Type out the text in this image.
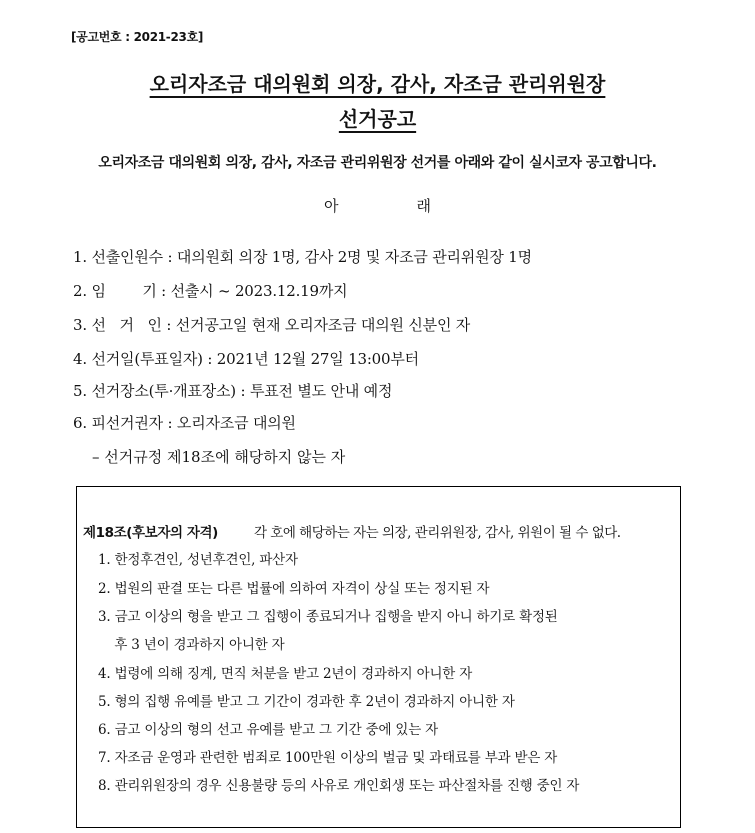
[공고번호 : 2021-23호]
오리자조금 대의원회 의장, 감사, 자조금 관리위원장
선거공고
오리자조금 대의원회 의장, 감사, 자조금 관리위원장 선거를 아래와 같이 실시코자 공고합니다.
아	래
1. 선출인원수 : 대의원회 의장 1명, 감사 2명 및 자조금 관리위원장 1명
2. 임        기 : 선출시 ~ 2023.12.19까지
3. 선   거   인 : 선거공고일 현재 오리자조금 대의원 신분인 자
4. 선거일(투표일자) : 2021년 12월 27일 13:00부터
5. 선거장소(투·개표장소) : 투표전 별도 안내 예정
6. 피선거권자 : 오리자조금 대의원
– 선거규정 제18조에 해당하지 않는 자
제18조(후보자의 자격)	각 호에 해당하는 자는 의장, 관리위원장, 감사, 위원이 될 수 없다.
1. 한정후견인, 성년후견인, 파산자
2. 법원의 판결 또는 다른 법률에 의하여 자격이 상실 또는 정지된 자
3. 금고 이상의 형을 받고 그 집행이 종료되거나 집행을 받지 아니 하기로 확정된
후 3 년이 경과하지 아니한 자
4. 법령에 의해 징계, 면직 처분을 받고 2년이 경과하지 아니한 자
5. 형의 집행 유예를 받고 그 기간이 경과한 후 2년이 경과하지 아니한 자
6. 금고 이상의 형의 선고 유예를 받고 그 기간 중에 있는 자
7. 자조금 운영과 관련한 범죄로 100만원 이상의 벌금 및 과태료를 부과 받은 자
8. 관리위원장의 경우 신용불량 등의 사유로 개인회생 또는 파산절차를 진행 중인 자
